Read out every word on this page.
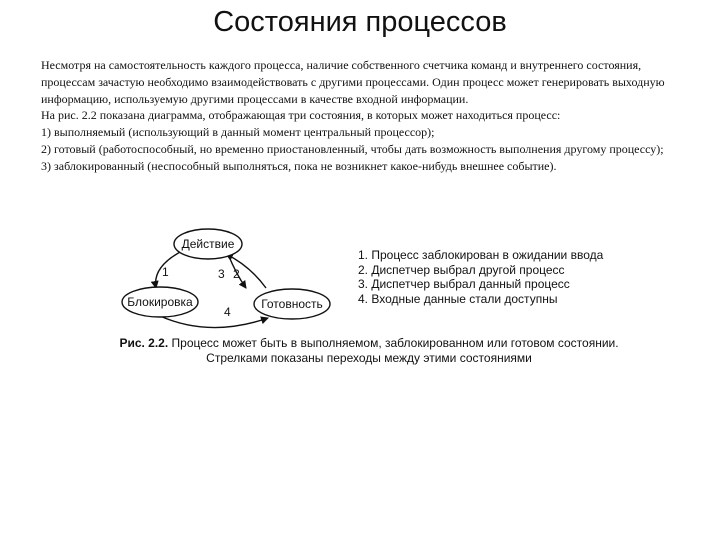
Состояния процессов

Несмотря на самостоятельность каждого процесса, наличие собственного счетчика команд и внутреннего состояния, процессам зачастую необходимо взаимодействовать с другими процессами. Один процесс может генерировать выходную информацию, используемую другими процессами в качестве входной информации.

На рис. 2.2 показана диаграмма, отображающая три состояния, в которых может находиться процесс:

1) выполняемый (использующий в данный момент центральный процессор);

2) готовый (работоспособный, но временно приостановленный, чтобы дать возможность выполнения другому процессу);

3) заблокированный (неспособный выполняться, пока не возникнет какое-нибудь внешнее событие).

Действие
Блокировка	Готовность
1	2
3
4
1. Процесс заблокирован в ожидании ввода
2. Диспетчер выбрал другой процесс
3. Диспетчер выбрал данный процесс
4. Входные данные стали доступны
Рис. 2.2. Процесс может быть в выполняемом, заблокированном или готовом состоянии.
Стрелками показаны переходы между этими состояниями
